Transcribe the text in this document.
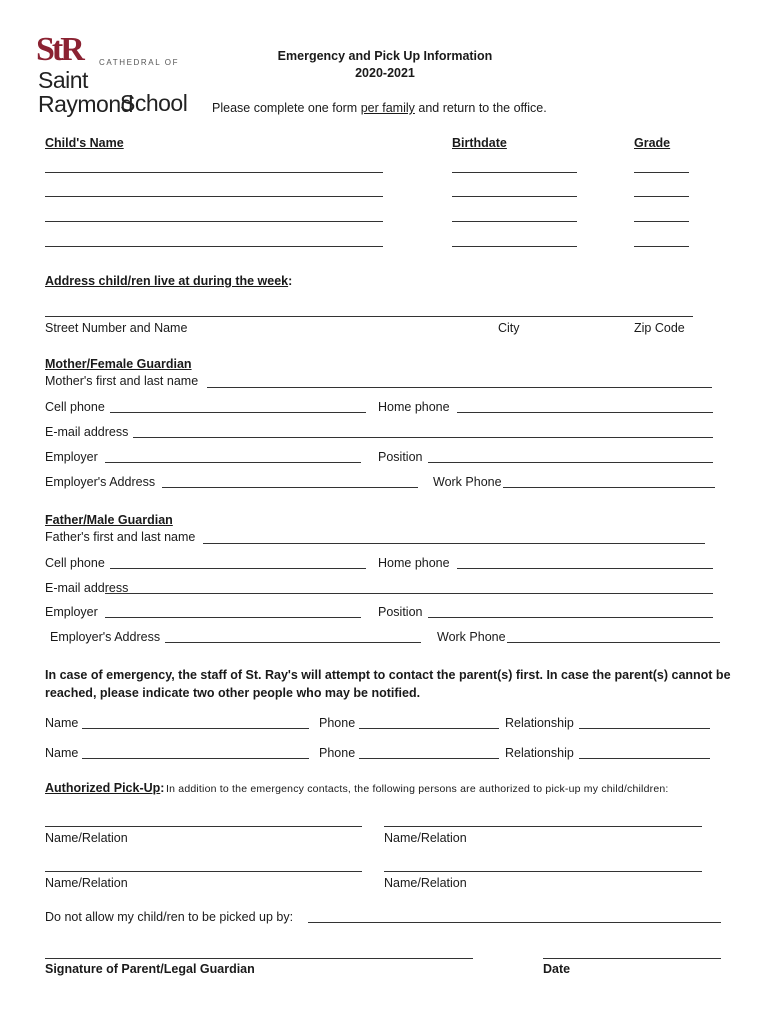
StR CATHEDRAL OF
Saint Raymond
School
Emergency and Pick Up Information
2020-2021
Please complete one form per family and return to the office.
Child's Name	Birthdate	Grade
Address child/ren live at during the week:
Street Number and Name	City	Zip Code
Mother/Female Guardian
Mother's first and last name
Cell phone	Home phone
E-mail address
Employer	Position
Employer's Address	Work Phone
Father/Male Guardian
Father's first and last name
Cell phone	Home phone
E-mail address
Employer	Position
Employer's Address	Work Phone
In case of emergency, the staff of St. Ray's will attempt to contact the parent(s) first. In case the parent(s) cannot be
reached, please indicate two other people who may be notified.
Name	Phone	Relationship
Name	Phone	Relationship
Authorized Pick-Up: In addition to the emergency contacts, the following persons are authorized to pick-up my child/children:
Name/Relation	Name/Relation
Name/Relation	Name/Relation
Do not allow my child/ren to be picked up by:
Signature of Parent/Legal Guardian	Date
